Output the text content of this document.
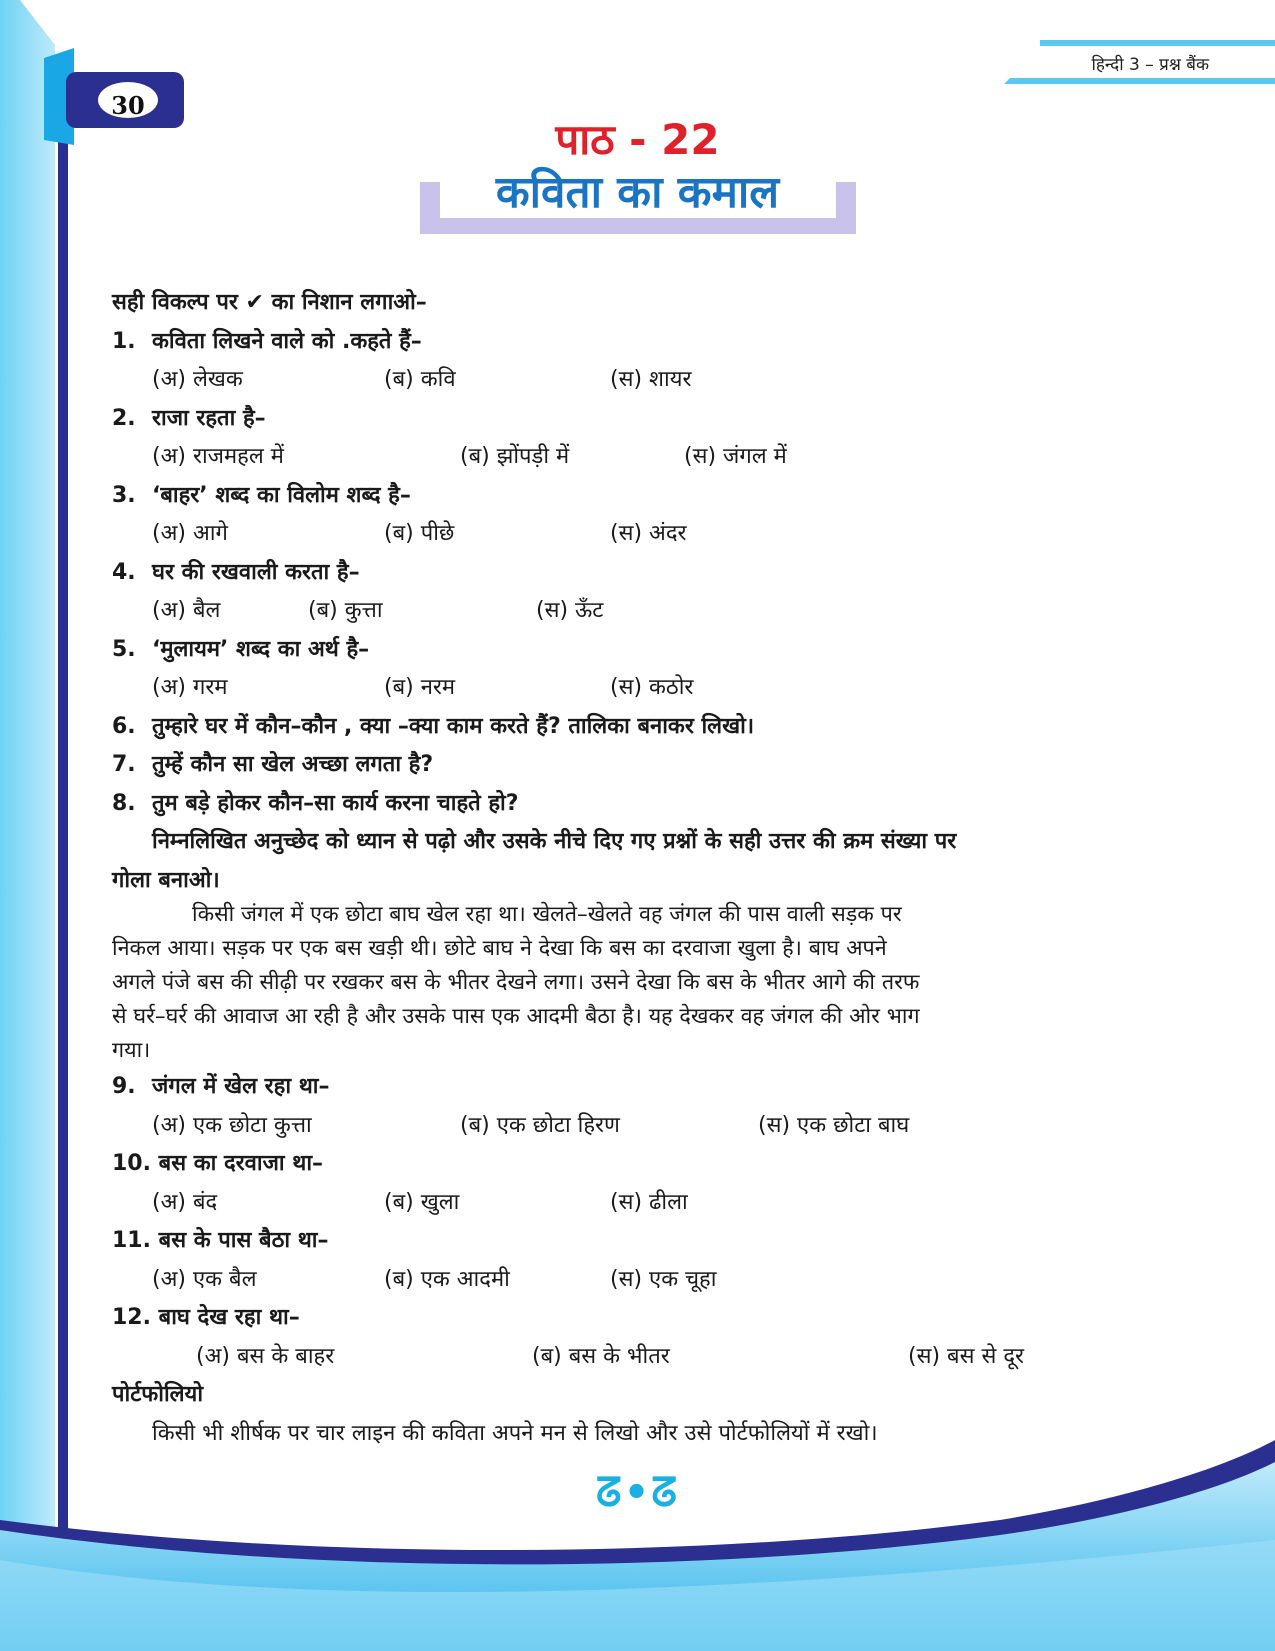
30
हिन्दी 3 – प्रश्न बैंक
पाठ - 22
कविता का कमाल
सही विकल्प पर ✔ का निशान लगाओ–
1. कविता लिखने वाले को .कहते हैं–
(अ) लेखक	(ब) कवि	(स) शायर
2. राजा रहता है–
(अ) राजमहल में	(ब) झोंपड़ी में	(स) जंगल में
3. ‘बाहर’ शब्द का विलोम शब्द है–
(अ) आगे	(ब) पीछे	(स) अंदर
4. घर की रखवाली करता है–
(अ) बैल	(ब) कुत्ता	(स) ऊँट
5. ‘मुलायम’ शब्द का अर्थ है–
(अ) गरम	(ब) नरम	(स) कठोर
6. तुम्हारे घर में कौन–कौन , क्या –क्या काम करते हैं? तालिका बनाकर लिखो।
7. तुम्हें कौन सा खेल अच्छा लगता है?
8. तुम बड़े होकर कौन–सा कार्य करना चाहते हो?
निम्नलिखित अनुच्छेद को ध्यान से पढ़ो और उसके नीचे दिए गए प्रश्नों के सही उत्तर की क्रम संख्या पर
गोला बनाओ।
किसी जंगल में एक छोटा बाघ खेल रहा था। खेलते–खेलते वह जंगल की पास वाली सड़क पर
निकल आया। सड़क पर एक बस खड़ी थी। छोटे बाघ ने देखा कि बस का दरवाजा खुला है। बाघ अपने
अगले पंजे बस की सीढ़ी पर रखकर बस के भीतर देखने लगा। उसने देखा कि बस के भीतर आगे की तरफ
से घर्र–घर्र की आवाज आ रही है और उसके पास एक आदमी बैठा है। यह देखकर वह जंगल की ओर भाग
गया।
9. जंगल में खेल रहा था–
(अ) एक छोटा कुत्ता	(ब) एक छोटा हिरण	(स) एक छोटा बाघ
10. बस का दरवाजा था–
(अ) बंद	(ब) खुला	(स) ढीला
11. बस के पास बैठा था–
(अ) एक बैल	(ब) एक आदमी	(स) एक चूहा
12. बाघ देख रहा था–
(अ) बस के बाहर	(ब) बस के भीतर	(स) बस से दूर
पोर्टफोलियो
किसी भी शीर्षक पर चार लाइन की कविता अपने मन से लिखो और उसे पोर्टफोलियों में रखो।
ᘔ•ᘔ
